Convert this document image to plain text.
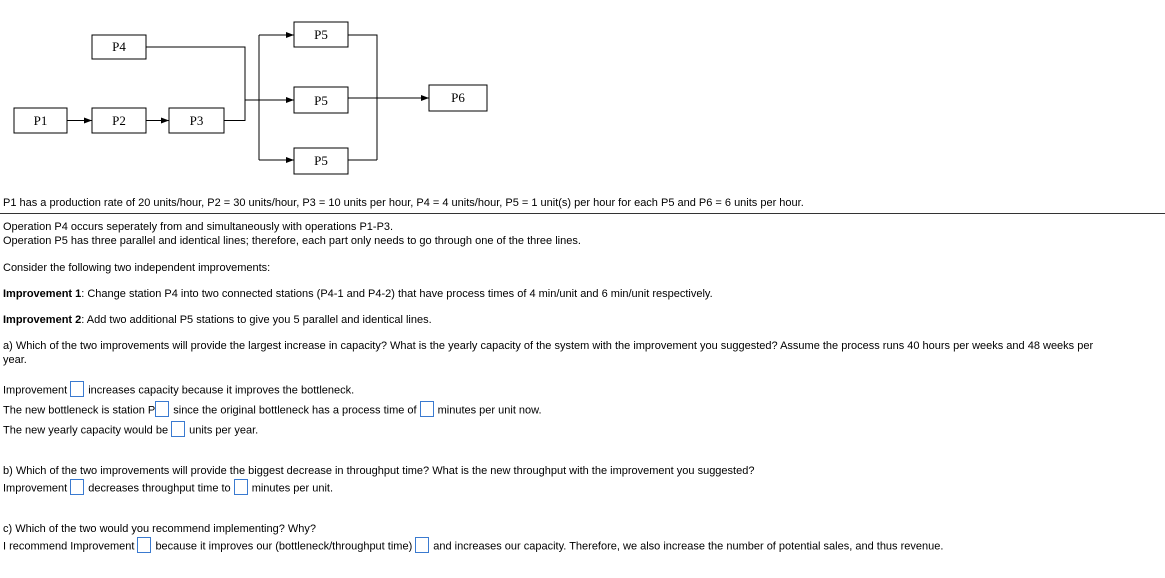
P1	P2	P3
P4
P5
P5
P5
P6
P1 has a production rate of 20 units/hour, P2 = 30 units/hour, P3 = 10 units per hour, P4 = 4 units/hour, P5 = 1 unit(s) per hour for each P5 and P6 = 6 units per hour.
Operation P4 occurs seperately from and simultaneously with operations P1-P3.
Operation P5 has three parallel and identical lines; therefore, each part only needs to go through one of the three lines.
Consider the following two independent improvements:
Improvement 1: Change station P4 into two connected stations (P4-1 and P4-2) that have process times of 4 min/unit and 6 min/unit respectively.
Improvement 2: Add two additional P5 stations to give you 5 parallel and identical lines.
a) Which of the two improvements will provide the largest increase in capacity? What is the yearly capacity of the system with the improvement you suggested? Assume the process runs 40 hours per weeks and 48 weeks per
year.
Improvement increases capacity because it improves the bottleneck.
The new bottleneck is station P since the original bottleneck has a process time of minutes per unit now.
The new yearly capacity would be units per year.
b) Which of the two improvements will provide the biggest decrease in throughput time? What is the new throughput with the improvement you suggested?
Improvement decreases throughput time to minutes per unit.
c) Which of the two would you recommend implementing? Why?
I recommend Improvement because it improves our (bottleneck/throughput time) and increases our capacity. Therefore, we also increase the number of potential sales, and thus revenue.
